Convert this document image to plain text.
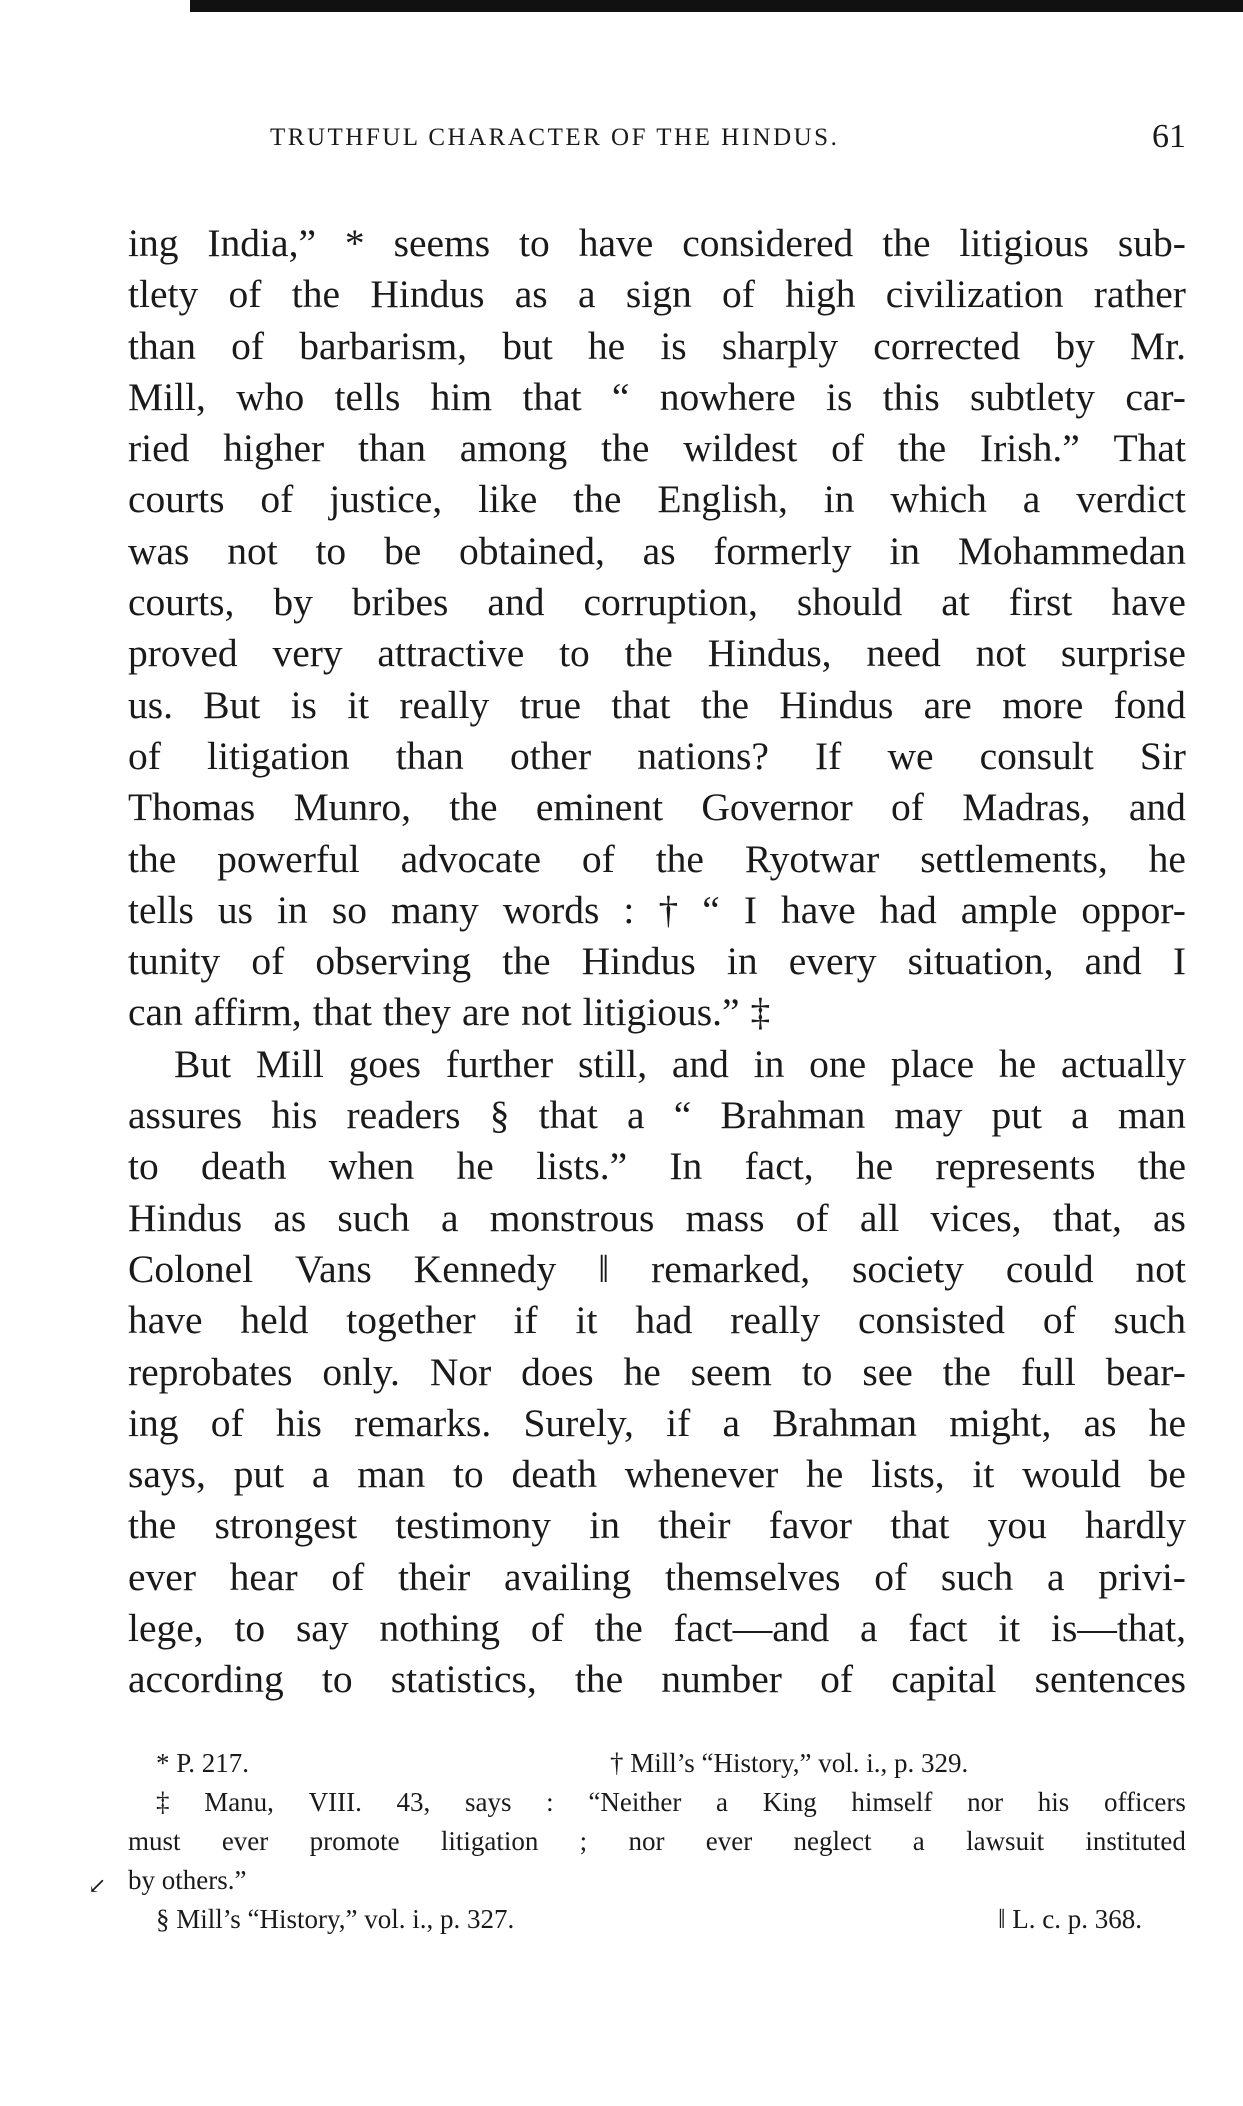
TRUTHFUL CHARACTER OF THE HINDUS.	61
ing India,” * seems to have considered the litigious sub-
tlety of the Hindus as a sign of high civilization rather
than of barbarism, but he is sharply corrected by Mr.
Mill, who tells him that “ nowhere is this subtlety car-
ried higher than among the wildest of the Irish.” That
courts of justice, like the English, in which a verdict
was not to be obtained, as formerly in Mohammedan
courts, by bribes and corruption, should at first have
proved very attractive to the Hindus, need not surprise
us. But is it really true that the Hindus are more fond
of litigation than other nations? If we consult Sir
Thomas Munro, the eminent Governor of Madras, and
the powerful advocate of the Ryotwar settlements, he
tells us in so many words : † “ I have had ample oppor-
tunity of observing the Hindus in every situation, and I
can affirm, that they are not litigious.” ‡
But Mill goes further still, and in one place he actually
assures his readers § that a “ Brahman may put a man
to death when he lists.” In fact, he represents the
Hindus as such a monstrous mass of all vices, that, as
Colonel Vans Kennedy ‖ remarked, society could not
have held together if it had really consisted of such
reprobates only. Nor does he seem to see the full bear-
ing of his remarks. Surely, if a Brahman might, as he
says, put a man to death whenever he lists, it would be
the strongest testimony in their favor that you hardly
ever hear of their availing themselves of such a privi-
lege, to say nothing of the fact—and a fact it is—that,
according to statistics, the number of capital sentences
* P. 217.	† Mill’s “History,” vol. i., p. 329.
‡ Manu, VIII. 43, says : “Neither a King himself nor his officers
must ever promote litigation ; nor ever neglect a lawsuit instituted
by others.”
§ Mill’s “History,” vol. i., p. 327.	‖ L. c. p. 368.
↙
